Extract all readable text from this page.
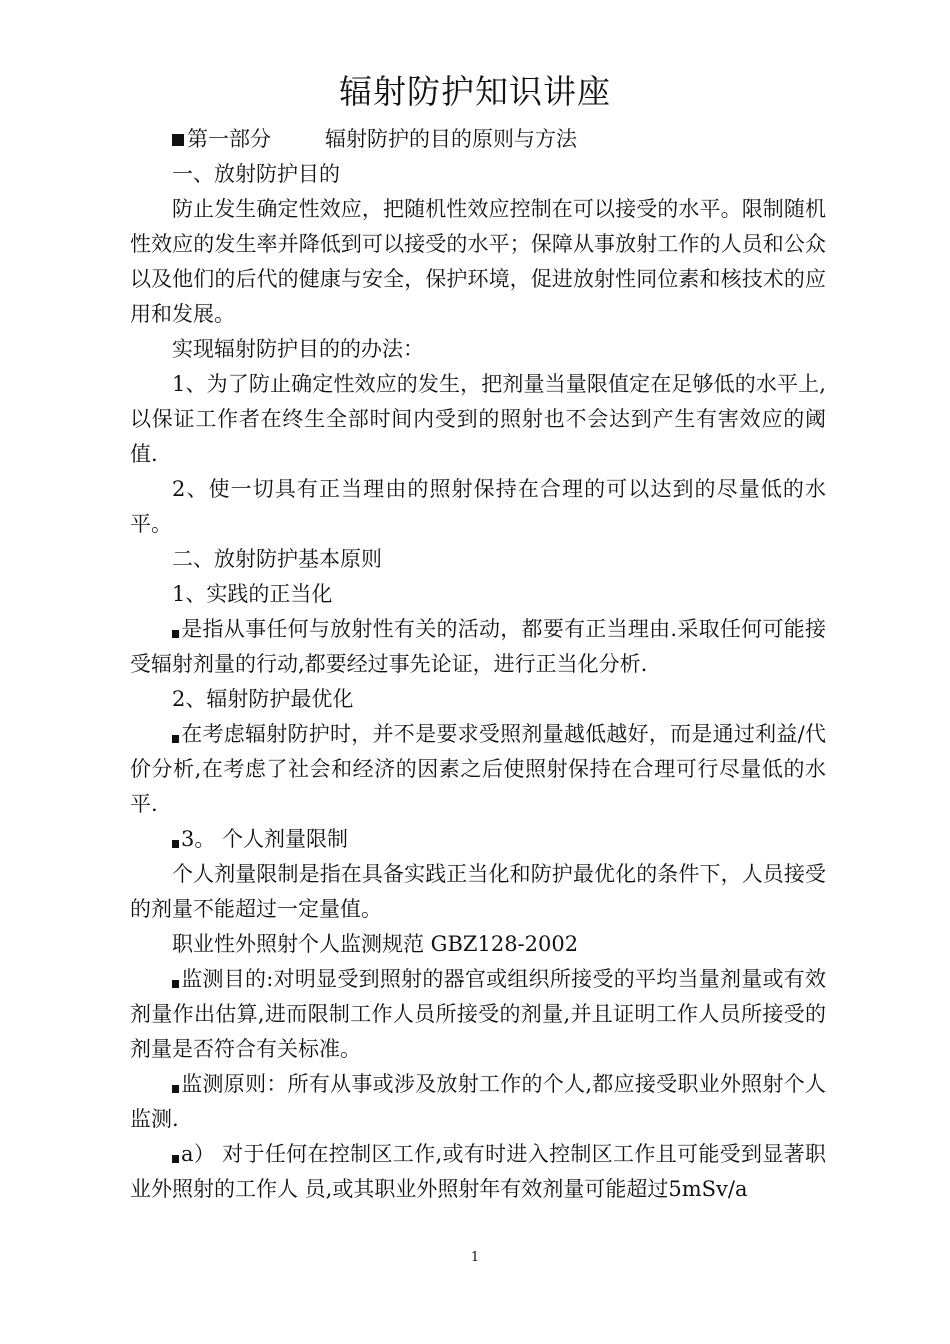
辐射防护知识讲座

第一部分	辐射防护的目的原则与方法

一、放射防护目的

防止发生确定性效应，把随机性效应控制在可以接受的水平。限制随机性效应的发生率并降低到可以接受的水平；保障从事放射工作的人员和公众以及他们的后代的健康与安全，保护环境，促进放射性同位素和核技术的应用和发展。

实现辐射防护目的的办法：

1、为了防止确定性效应的发生，把剂量当量限值定在足够低的水平上,以保证工作者在终生全部时间内受到的照射也不会达到产生有害效应的阈值.

2、使一切具有正当理由的照射保持在合理的可以达到的尽量低的水平。

二、放射防护基本原则

1、实践的正当化

是指从事任何与放射性有关的活动，都要有正当理由.采取任何可能接受辐射剂量的行动,都要经过事先论证，进行正当化分析.

2、辐射防护最优化

在考虑辐射防护时，并不是要求受照剂量越低越好，而是通过利益/代价分析,在考虑了社会和经济的因素之后使照射保持在合理可行尽量低的水平.

3。 个人剂量限制

个人剂量限制是指在具备实践正当化和防护最优化的条件下，人员接受的剂量不能超过一定量值。

职业性外照射个人监测规范 GBZ128-2002

监测目的:对明显受到照射的器官或组织所接受的平均当量剂量或有效剂量作出估算,进而限制工作人员所接受的剂量,并且证明工作人员所接受的剂量是否符合有关标准。

监测原则：所有从事或涉及放射工作的个人,都应接受职业外照射个人监测.

a） 对于任何在控制区工作,或有时进入控制区工作且可能受到显著职业外照射的工作人 员,或其职业外照射年有效剂量可能超过5mSv/a

1
